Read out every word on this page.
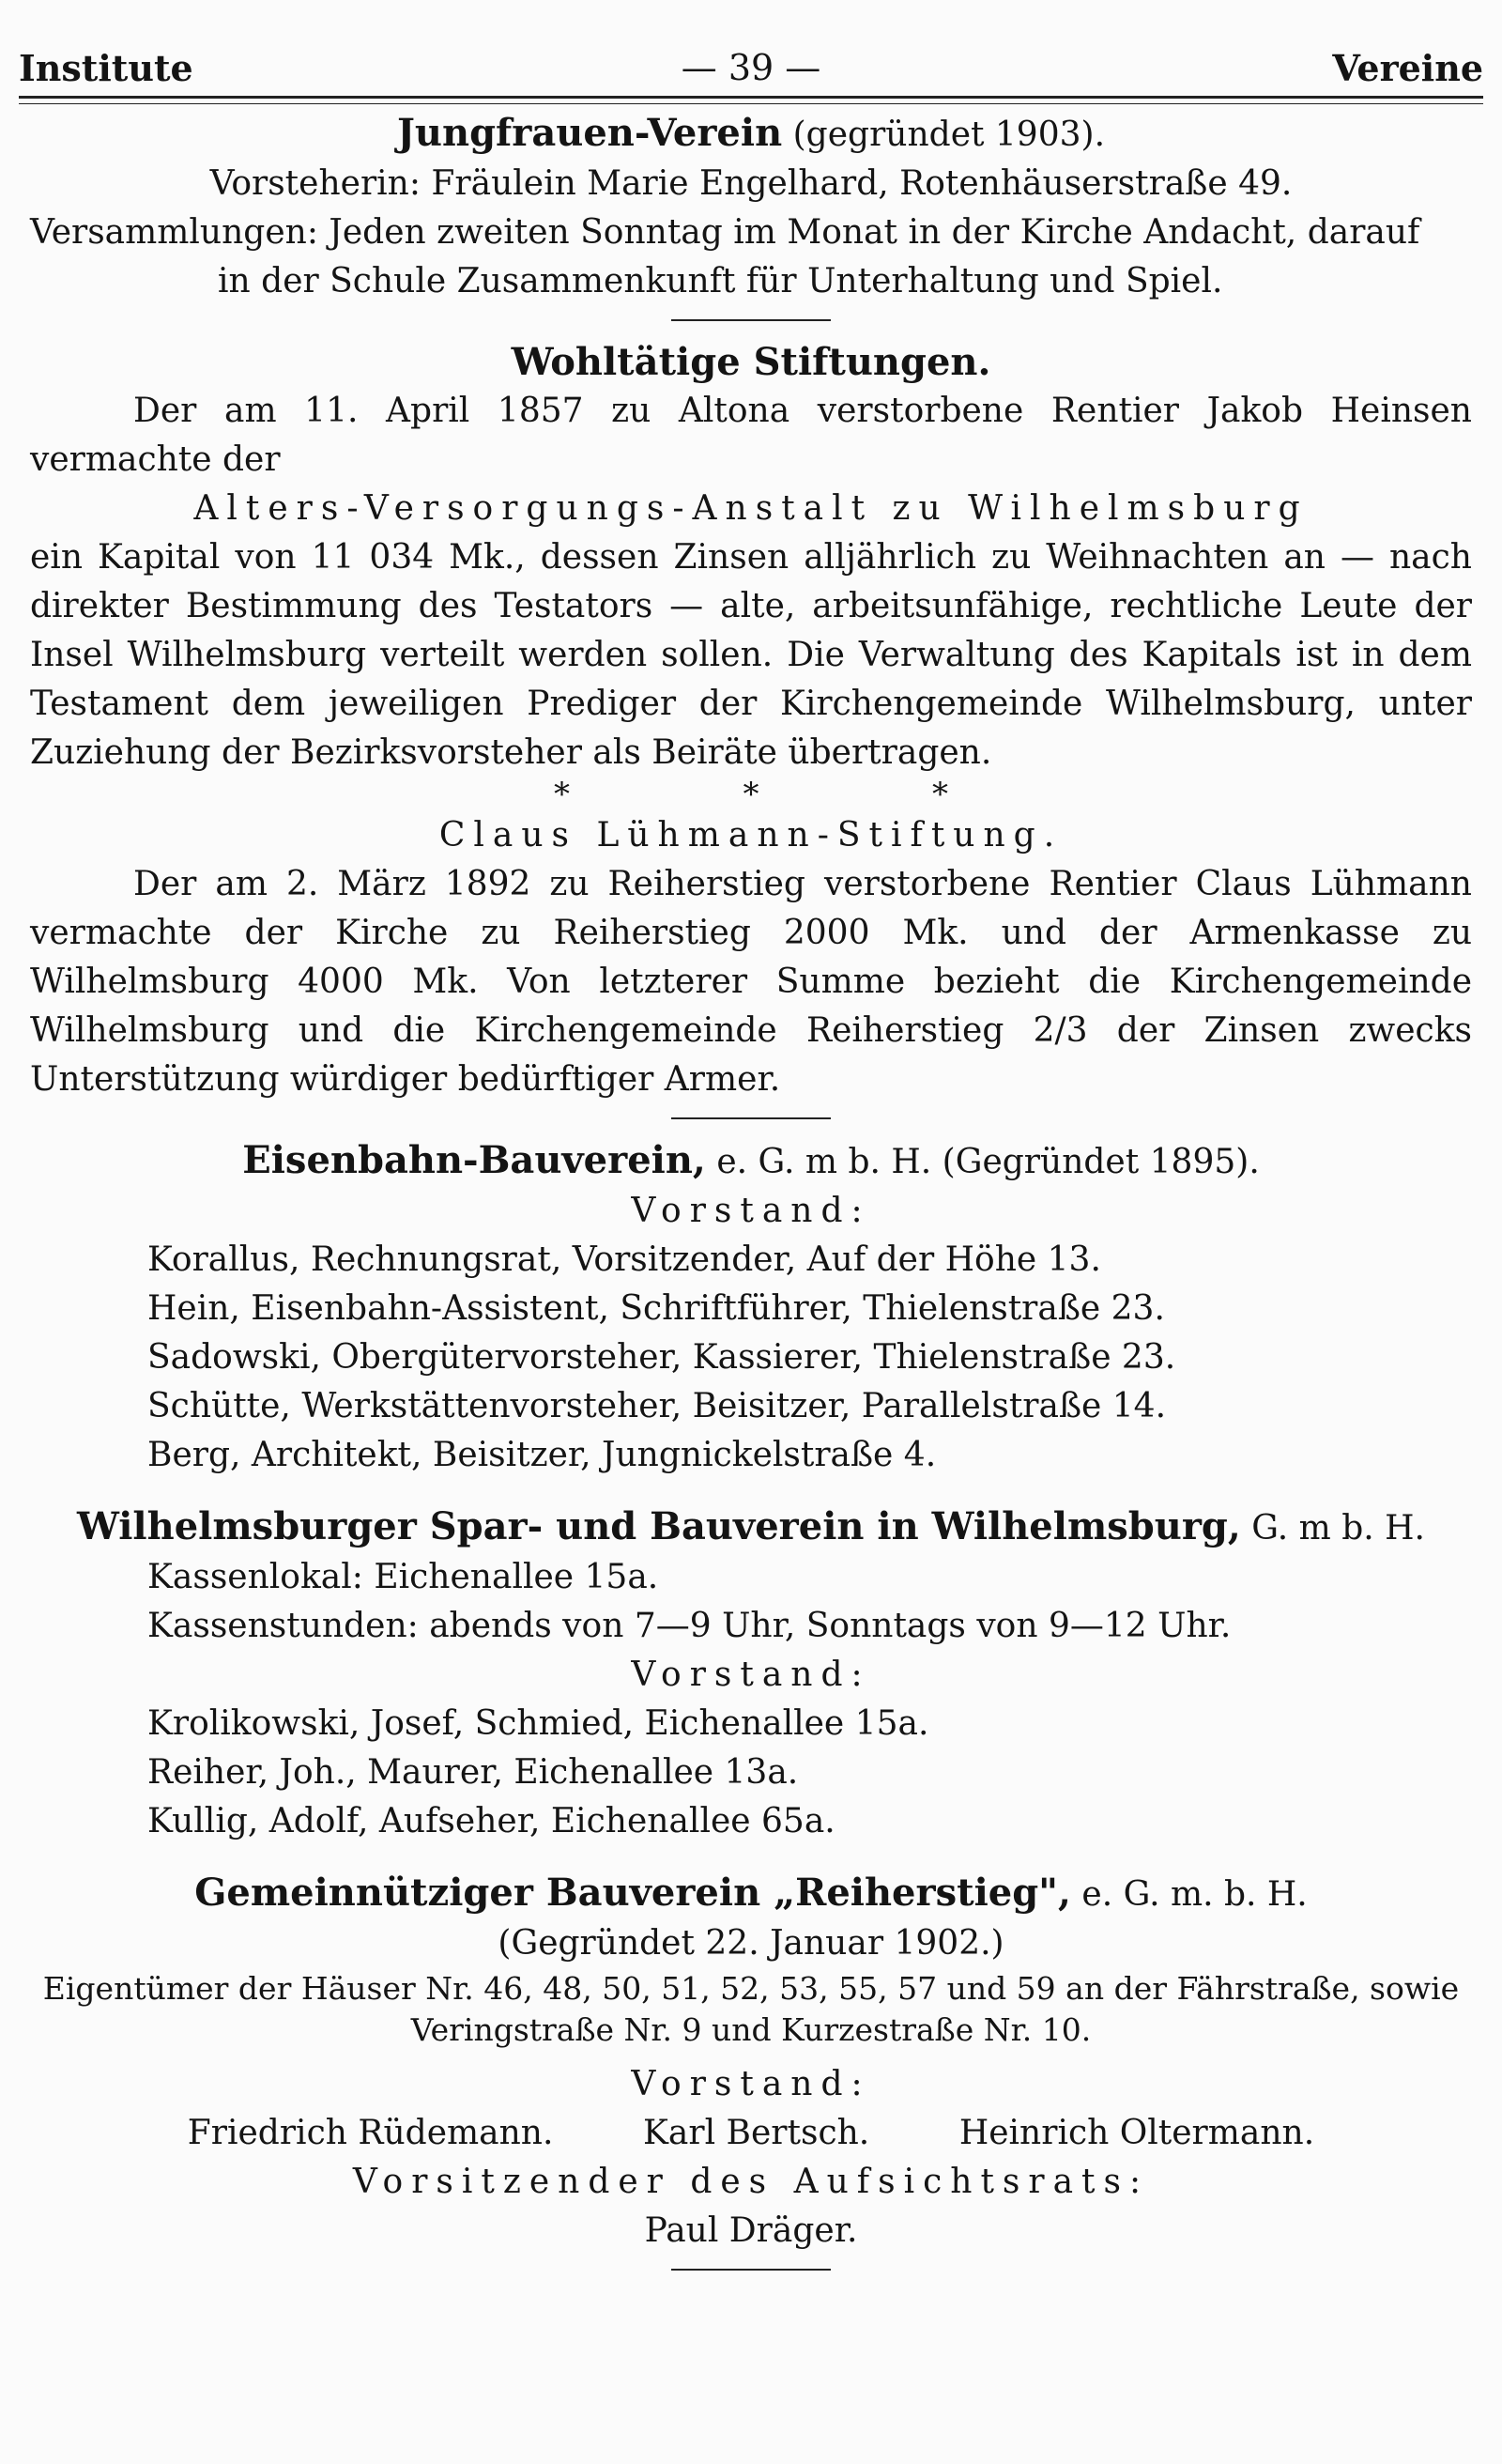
Institute	— 39 —	Vereine

Jungfrauen-Verein (gegründet 1903).

Vorsteherin: Fräulein Marie Engelhard, Rotenhäuserstraße 49.

Versammlungen: Jeden zweiten Sonntag im Monat in der Kirche Andacht, darauf

in der Schule Zusammenkunft für Unterhaltung und Spiel.

Wohltätige Stiftungen.

Der am 11. April 1857 zu Altona verstorbene Rentier Jakob Heinsen vermachte der

Alters-Versorgungs-Anstalt zu Wilhelmsburg

ein Kapital von 11 034 Mk., dessen Zinsen alljährlich zu Weihnachten an — nach direkter Bestimmung des Testators — alte, arbeitsunfähige, rechtliche Leute der Insel Wilhelmsburg verteilt werden sollen. Die Verwaltung des Kapitals ist in dem Testament dem jeweiligen Prediger der Kirchengemeinde Wilhelmsburg, unter Zuziehung der Bezirksvorsteher als Beiräte übertragen.

*	*	*

Claus Lühmann-Stiftung.

Der am 2. März 1892 zu Reiherstieg verstorbene Rentier Claus Lühmann vermachte der Kirche zu Reiherstieg 2000 Mk. und der Armenkasse zu Wilhelmsburg 4000 Mk. Von letzterer Summe bezieht die Kirchengemeinde Wilhelmsburg und die Kirchengemeinde Reiherstieg 2/3 der Zinsen zwecks Unterstützung würdiger bedürftiger Armer.

Eisenbahn-Bauverein, e. G. m b. H. (Gegründet 1895).

Vorstand:

Korallus, Rechnungsrat, Vorsitzender, Auf der Höhe 13.

Hein, Eisenbahn-Assistent, Schriftführer, Thielenstraße 23.

Sadowski, Obergütervorsteher, Kassierer, Thielenstraße 23.

Schütte, Werkstättenvorsteher, Beisitzer, Parallelstraße 14.

Berg, Architekt, Beisitzer, Jungnickelstraße 4.

Wilhelmsburger Spar- und Bauverein in Wilhelmsburg, G. m b. H.

Kassenlokal: Eichenallee 15a.

Kassenstunden: abends von 7—9 Uhr, Sonntags von 9—12 Uhr.

Vorstand:

Krolikowski, Josef, Schmied, Eichenallee 15a.

Reiher, Joh., Maurer, Eichenallee 13a.

Kullig, Adolf, Aufseher, Eichenallee 65a.

Gemeinnütziger Bauverein „Reiherstieg", e. G. m. b. H.

(Gegründet 22. Januar 1902.)

Eigentümer der Häuser Nr. 46, 48, 50, 51, 52, 53, 55, 57 und 59 an der Fährstraße, sowie

Veringstraße Nr. 9 und Kurzestraße Nr. 10.

Vorstand:

Friedrich Rüdemann.	Karl Bertsch.	Heinrich Oltermann.

Vorsitzender des Aufsichtsrats:

Paul Dräger.
